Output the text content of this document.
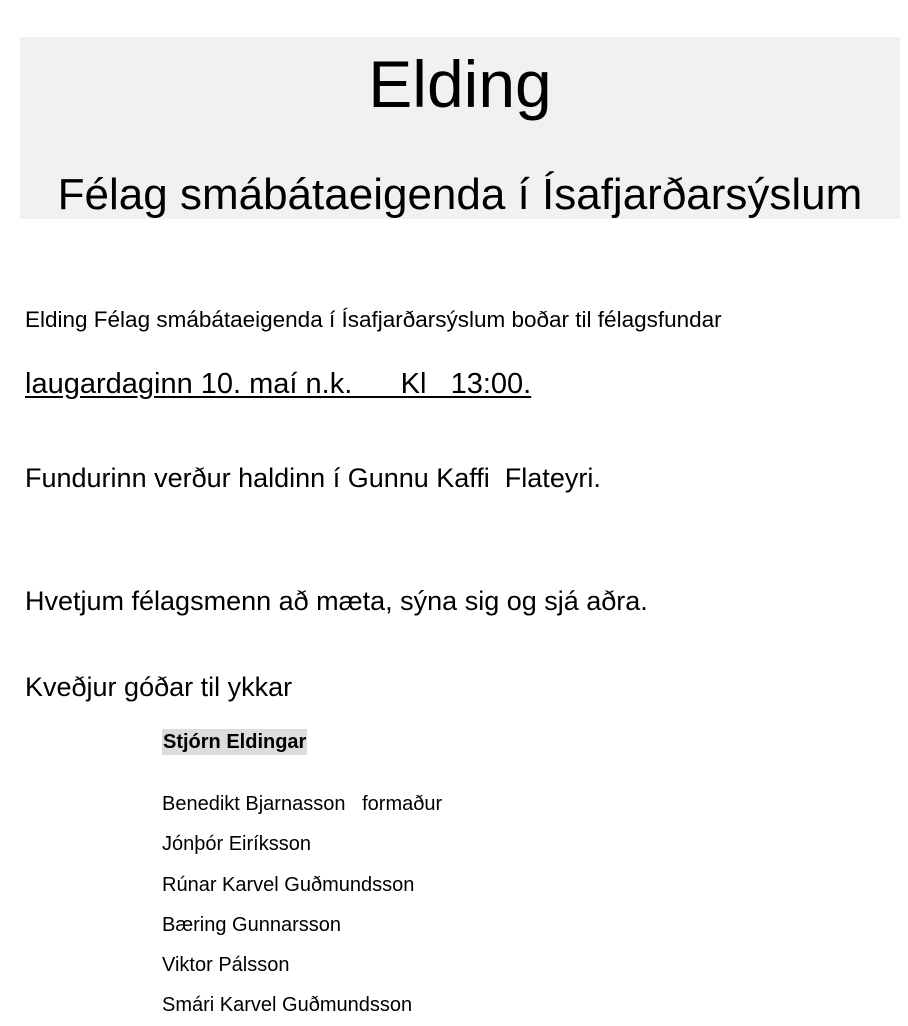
Elding
Félag smábátaeigenda í Ísafjarðarsýslum
Elding Félag smábátaeigenda í Ísafjarðarsýslum boðar til félagsfundar
laugardaginn 10. maí n.k.      Kl   13:00.
Fundurinn verður haldinn í Gunnu Kaffi  Flateyri.
Hvetjum félagsmenn að mæta, sýna sig og sjá aðra.
Kveðjur góðar til ykkar
Stjórn Eldingar
Benedikt Bjarnasson   formaður
Jónþór Eiríksson
Rúnar Karvel Guðmundsson
Bæring Gunnarsson
Viktor Pálsson
Smári Karvel Guðmundsson
